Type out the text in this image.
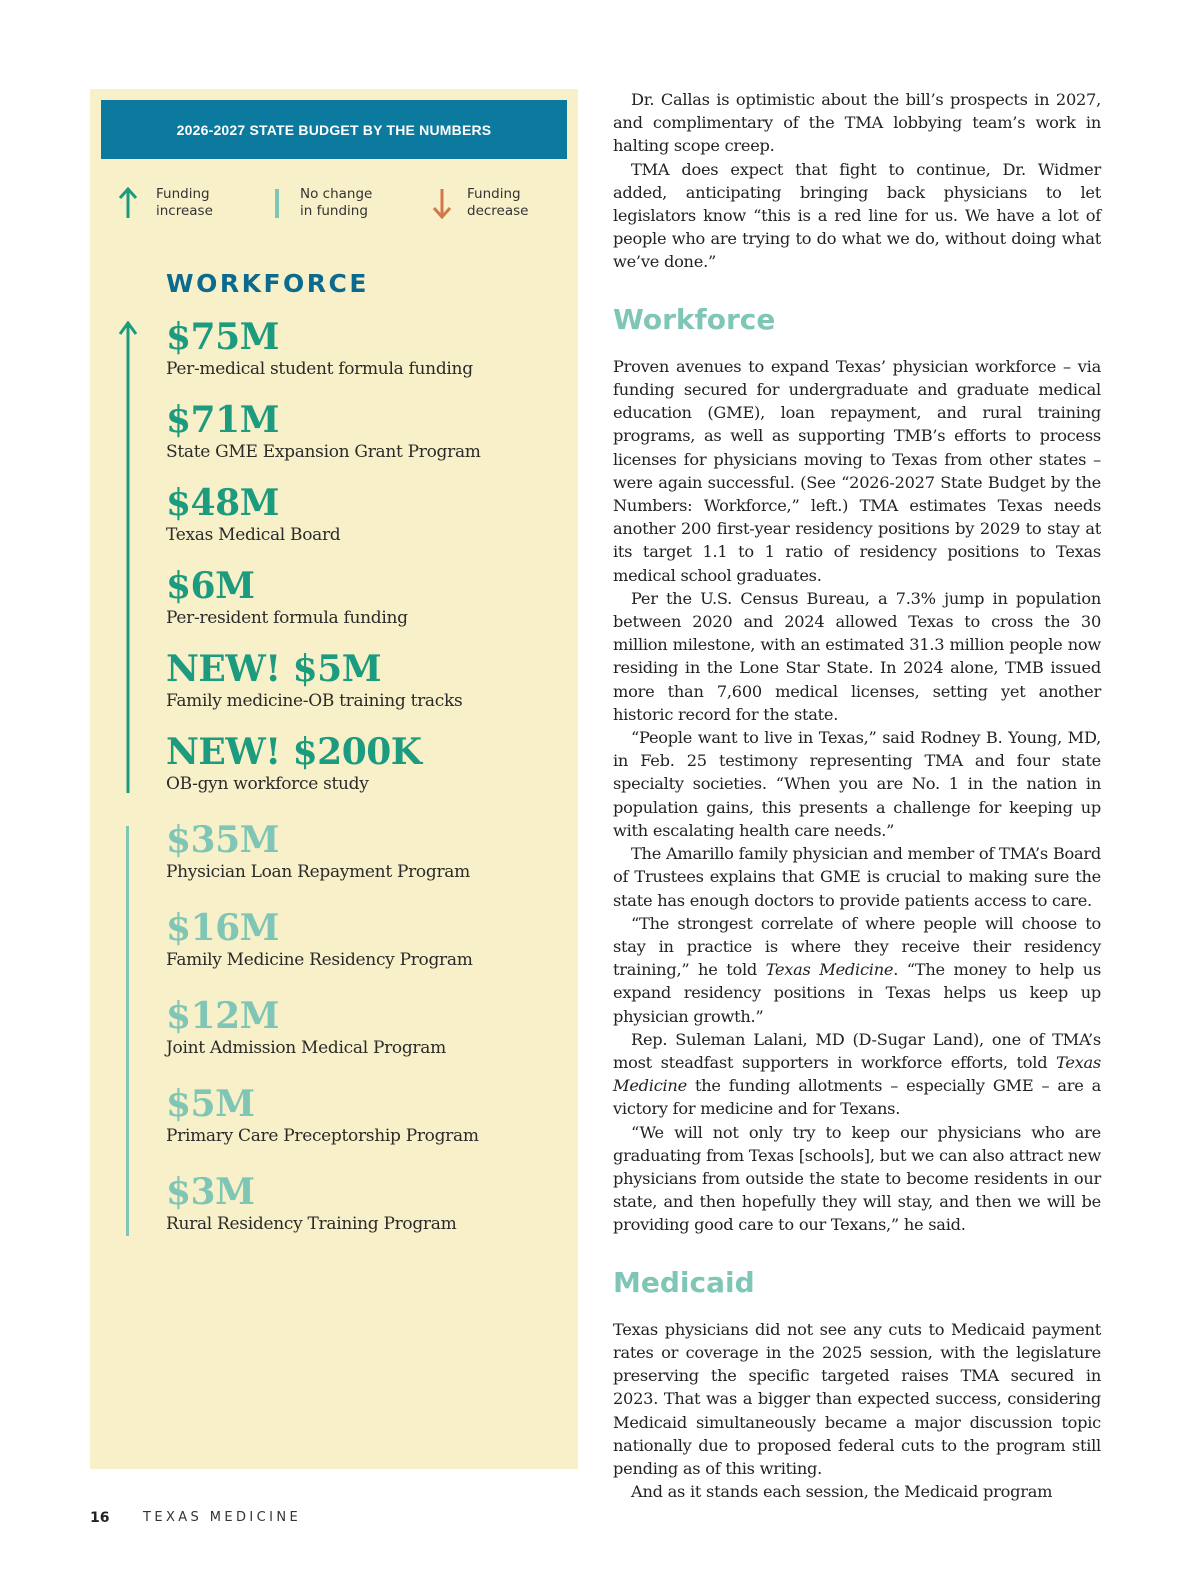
2026-2027 STATE BUDGET BY THE NUMBERS
Funding
increase
No change
in funding
Funding
decrease
WORKFORCE
$75M
Per-medical student formula funding
$71M
State GME Expansion Grant Program
$48M
Texas Medical Board
$6M
Per-resident formula funding
NEW! $5M
Family medicine-OB training tracks
NEW! $200K
OB-gyn workforce study
$35M
Physician Loan Repayment Program
$16M
Family Medicine Residency Program
$12M
Joint Admission Medical Program
$5M
Primary Care Preceptorship Program
$3M
Rural Residency Training Program

Dr. Callas is optimistic about the bill’s prospects in 2027, and complimentary of the TMA lobbying team’s work in halting scope creep.

TMA does expect that fight to continue, Dr. Widmer added, anticipating bringing back physicians to let legislators know “this is a red line for us. We have a lot of people who are trying to do what we do, without doing what we’ve done.”

Workforce

Proven avenues to expand Texas’ physician workforce – via funding secured for undergraduate and graduate medical education (GME), loan repayment, and rural training programs, as well as supporting TMB’s efforts to process licenses for physicians moving to Texas from other states – were again successful. (See “2026-2027 State Budget by the Numbers: Workforce,” left.) TMA estimates Texas needs another 200 first-year residency positions by 2029 to stay at its target 1.1 to 1 ratio of residency positions to Texas medical school graduates.

Per the U.S. Census Bureau, a 7.3% jump in population between 2020 and 2024 allowed Texas to cross the 30 million milestone, with an estimated 31.3 million people now residing in the Lone Star State. In 2024 alone, TMB issued more than 7,600 medical licenses, setting yet another historic record for the state.

“People want to live in Texas,” said Rodney B. Young, MD, in Feb. 25 testimony representing TMA and four state specialty societies. “When you are No. 1 in the nation in population gains, this presents a challenge for keeping up with escalating health care needs.”

The Amarillo family physician and member of TMA’s Board of Trustees explains that GME is crucial to making sure the state has enough doctors to provide patients access to care.

“The strongest correlate of where people will choose to stay in practice is where they receive their residency training,” he told Texas Medicine. “The money to help us expand residency positions in Texas helps us keep up physician growth.”

Rep. Suleman Lalani, MD (D-Sugar Land), one of TMA’s most steadfast supporters in workforce efforts, told Texas Medicine the funding allotments – especially GME – are a victory for medicine and for Texans.

“We will not only try to keep our physicians who are graduating from Texas [schools], but we can also attract new physicians from outside the state to become residents in our state, and then hopefully they will stay, and then we will be providing good care to our Texans,” he said.

Medicaid

Texas physicians did not see any cuts to Medicaid payment rates or coverage in the 2025 session, with the legislature preserving the specific targeted raises TMA secured in 2023. That was a bigger than expected success, considering Medicaid simultaneously became a major discussion topic nationally due to proposed federal cuts to the program still pending as of this writing.

And as it stands each session, the Medicaid program

16	TEXAS MEDICINE
